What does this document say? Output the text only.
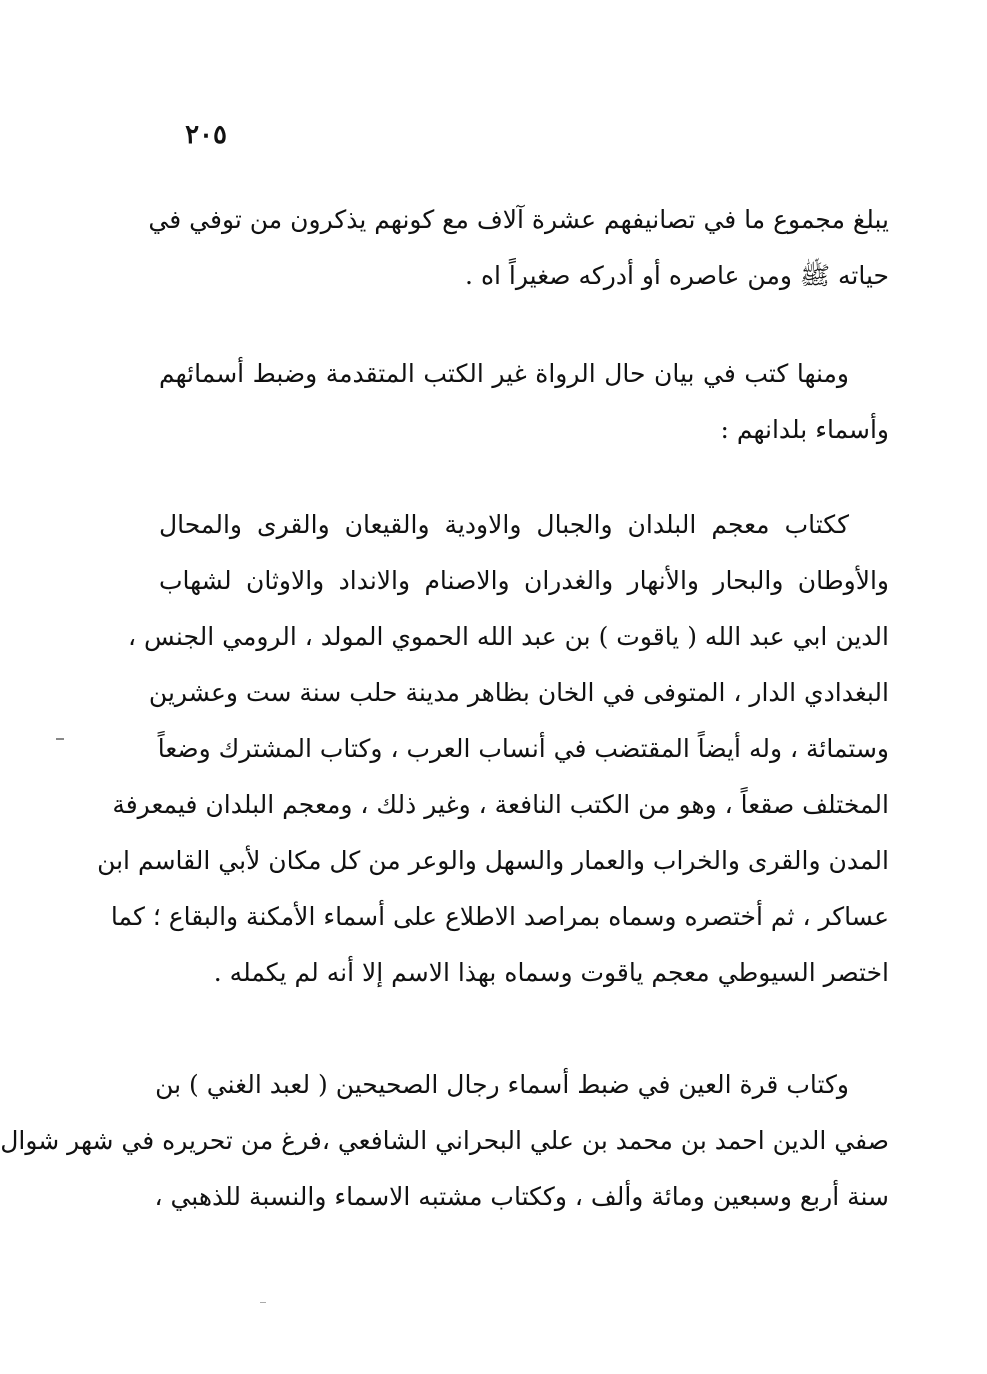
٢٠٥
يبلغ مجموع ما في تصانيفهم عشرة آلاف مع كونهم يذكرون من توفي في
حياته ﷺ ومن عاصره أو أدركه صغيراً اه .
ومنها كتب في بيان حال الرواة غير الكتب المتقدمة وضبط أسمائهم
وأسماء بلدانهم :
ككتاب معجم البلدان والجبال والاودية والقيعان والقرى والمحال
والأوطان والبحار والأنهار والغدران والاصنام والانداد والاوثان لشهاب
الدين ابي عبد الله ( ياقوت ) بن عبد الله الحموي المولد ، الرومي الجنس ،
البغدادي الدار ، المتوفى في الخان بظاهر مدينة حلب سنة ست وعشرين
وستمائة ، وله أيضاً المقتضب في أنساب العرب ، وكتاب المشترك وضعاً
المختلف صقعاً ، وهو من الكتب النافعة ، وغير ذلك ، ومعجم البلدان فيمعرفة
المدن والقرى والخراب والعمار والسهل والوعر من كل مكان لأبي القاسم ابن
عساكر ، ثم أختصره وسماه بمراصد الاطلاع على أسماء الأمكنة والبقاع ؛ كما
اختصر السيوطي معجم ياقوت وسماه بهذا الاسم إلا أنه لم يكمله .
وكتاب قرة العين في ضبط أسماء رجال الصحيحين ( لعبد الغني ) بن
صفي الدين احمد بن محمد بن علي البحراني الشافعي ،فرغ من تحريره في شهر شوال
سنة أربع وسبعين ومائة وألف ، وككتاب مشتبه الاسماء والنسبة للذهبي ،
